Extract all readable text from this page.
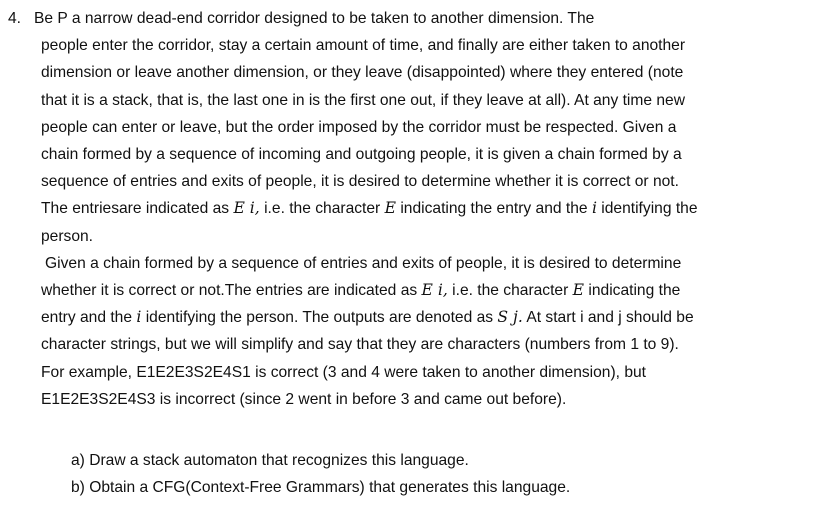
4. Be P a narrow dead-end corridor designed to be taken to another dimension. The
people enter the corridor, stay a certain amount of time, and finally are either taken to another
dimension or leave another dimension, or they leave (disappointed) where they entered (note
that it is a stack, that is, the last one in is the first one out, if they leave at all). At any time new
people can enter or leave, but the order imposed by the corridor must be respected. Given a
chain formed by a sequence of incoming and outgoing people, it is given a chain formed by a
sequence of entries and exits of people, it is desired to determine whether it is correct or not.
The entriesare indicated as E i, i.e. the character E indicating the entry and the i identifying the
person.
Given a chain formed by a sequence of entries and exits of people, it is desired to determine
whether it is correct or not.The entries are indicated as E i, i.e. the character E indicating the
entry and the i identifying the person. The outputs are denoted as S j. At start i and j should be
character strings, but we will simplify and say that they are characters (numbers from 1 to 9).
For example, E1E2E3S2E4S1 is correct (3 and 4 were taken to another dimension), but
E1E2E3S2E4S3 is incorrect (since 2 went in before 3 and came out before).
a) Draw a stack automaton that recognizes this language.
b) Obtain a CFG(Context-Free Grammars) that generates this language.
